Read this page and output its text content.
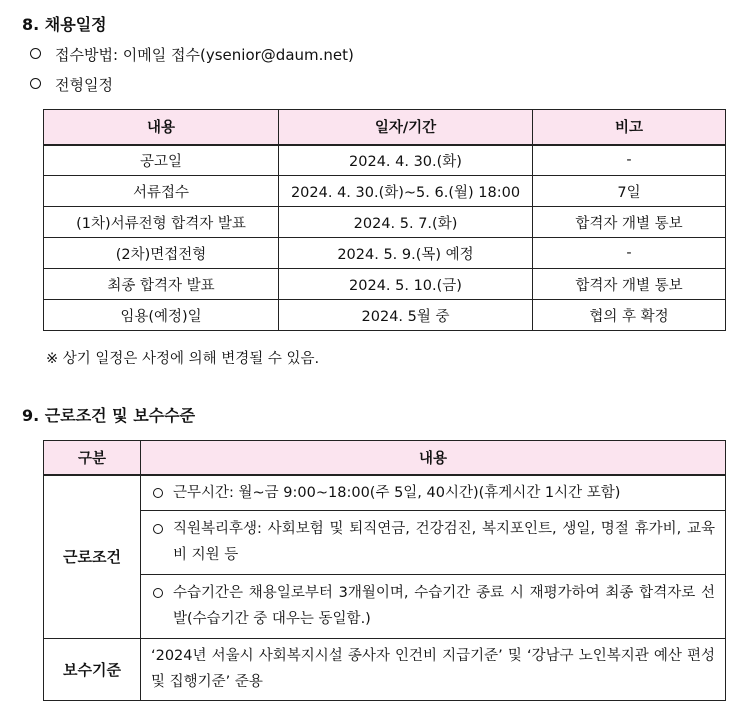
8. 채용일정
접수방법: 이메일 접수(ysenior@daum.net)
전형일정
내용	일자/기간	비고
공고일	2024. 4. 30.(화)	-
서류접수	2024. 4. 30.(화)~5. 6.(월) 18:00	7일
(1차)서류전형 합격자 발표	2024. 5. 7.(화)	합격자 개별 통보
(2차)면접전형	2024. 5. 9.(목) 예정	-
최종 합격자 발표	2024. 5. 10.(금)	합격자 개별 통보
임용(예정)일	2024. 5월 중	협의 후 확정
※ 상기 일정은 사정에 의해 변경될 수 있음.
9. 근로조건 및 보수수준
구분	내용
근로조건	근무시간: 월~금 9:00~18:00(주 5일, 40시간)(휴게시간 1시간 포함)

	직원복리후생: 사회보험 및 퇴직연금, 건강검진, 복지포인트, 생일, 명절 휴가비, 교육비 지원 등

	수습기간은 채용일로부터 3개월이며, 수습기간 종료 시 재평가하여 최종 합격자로 선발(수습기간 중 대우는 동일함.)

보수기준	‘2024년 서울시 사회복지시설 종사자 인건비 지급기준’ 및 ‘강남구 노인복지관 예산 편성 및 집행기준’ 준용
